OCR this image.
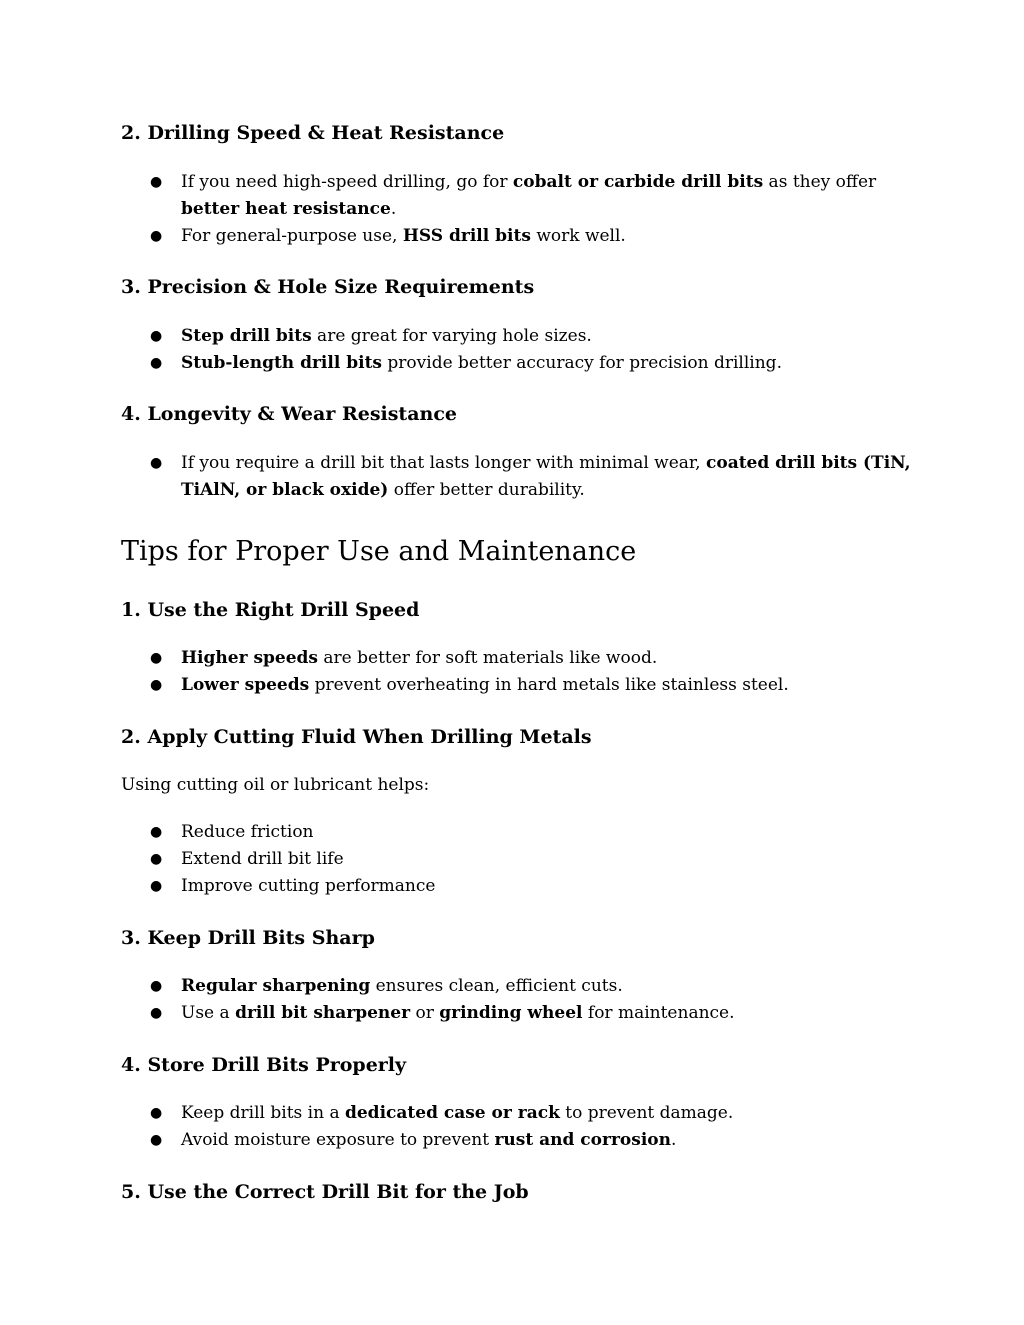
2. Drilling Speed & Heat Resistance
● If you need high-speed drilling, go for cobalt or carbide drill bits as they offer better heat resistance.
● For general-purpose use, HSS drill bits work well.
3. Precision & Hole Size Requirements
● Step drill bits are great for varying hole sizes.
● Stub-length drill bits provide better accuracy for precision drilling.
4. Longevity & Wear Resistance
● If you require a drill bit that lasts longer with minimal wear, coated drill bits (TiN, TiAlN, or black oxide) offer better durability.
Tips for Proper Use and Maintenance
1. Use the Right Drill Speed
● Higher speeds are better for soft materials like wood.
● Lower speeds prevent overheating in hard metals like stainless steel.
2. Apply Cutting Fluid When Drilling Metals

Using cutting oil or lubricant helps:

● Reduce friction
● Extend drill bit life
● Improve cutting performance
3. Keep Drill Bits Sharp
● Regular sharpening ensures clean, efficient cuts.
● Use a drill bit sharpener or grinding wheel for maintenance.
4. Store Drill Bits Properly
● Keep drill bits in a dedicated case or rack to prevent damage.
● Avoid moisture exposure to prevent rust and corrosion.
5. Use the Correct Drill Bit for the Job
